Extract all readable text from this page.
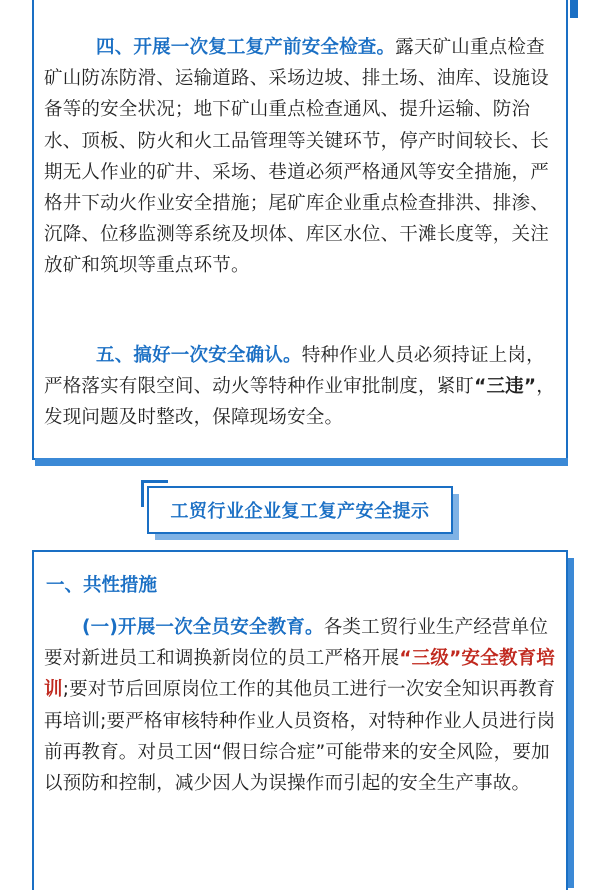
四、开展一次复工复产前安全检查。露天矿山重点检查矿山防冻防滑、运输道路、采场边坡、排土场、油库、设施设备等的安全状况；地下矿山重点检查通风、提升运输、防治水、顶板、防火和火工品管理等关键环节，停产时间较长、长期无人作业的矿井、采场、巷道必须严格通风等安全措施，严格井下动火作业安全措施；尾矿库企业重点检查排洪、排渗、沉降、位移监测等系统及坝体、库区水位、干滩长度等，关注放矿和筑坝等重点环节。

五、搞好一次安全确认。特种作业人员必须持证上岗，严格落实有限空间、动火等特种作业审批制度，紧盯“三违”，发现问题及时整改，保障现场安全。

工贸行业企业复工复产安全提示

一、共性措施

(一)开展一次全员安全教育。各类工贸行业生产经营单位要对新进员工和调换新岗位的员工严格开展“三级”安全教育培训;要对节后回原岗位工作的其他员工进行一次安全知识再教育再培训;要严格审核特种作业人员资格，对特种作业人员进行岗前再教育。对员工因“假日综合症”可能带来的安全风险，要加以预防和控制，减少因人为误操作而引起的安全生产事故。
